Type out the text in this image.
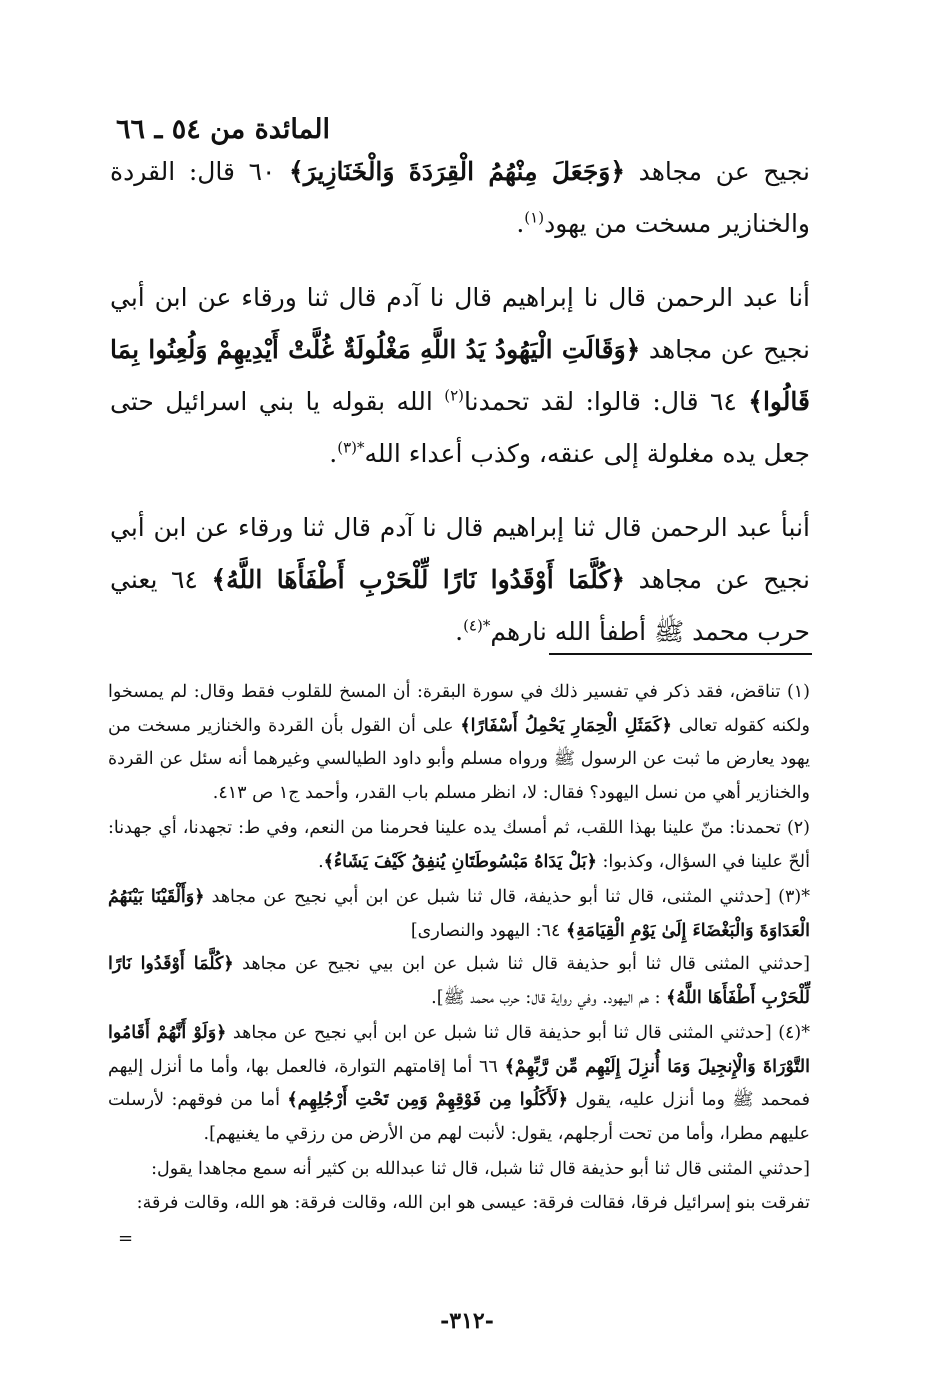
المائدة من ٥٤ ـ ٦٦

نجيح عن مجاهد ﴿وَجَعَلَ مِنْهُمُ الْقِرَدَةَ وَالْخَنَازِيرَ﴾ ٦٠ قال: القردة والخنازير مسخت من يهود$^{(١)}$.

أنا عبد الرحمن قال نا إبراهيم قال نا آدم قال ثنا ورقاء عن ابن أبي نجيح عن مجاهد ﴿وَقَالَتِ الْيَهُودُ يَدُ اللَّهِ مَغْلُولَةٌ غُلَّتْ أَيْدِيهِمْ وَلُعِنُوا بِمَا قَالُوا﴾ ٦٤ قال: قالوا: لقد تحمدنا$^{(٢)}$ الله بقوله يا بني اسرائيل حتى جعل يده مغلولة إلى عنقه، وكذب أعداء الله$^{*(٣)}$.

أنبأ عبد الرحمن قال ثنا إبراهيم قال نا آدم قال ثنا ورقاء عن ابن أبي نجيح عن مجاهد ﴿كُلَّمَا أَوْقَدُوا نَارًا لِّلْحَرْبِ أَطْفَأَهَا اللَّهُ﴾ ٦٤ يعني حرب محمد ﷺ أطفأ الله نارهم$^{*(٤)}$.

(١) تناقض، فقد ذكر في تفسير ذلك في سورة البقرة: أن المسخ للقلوب فقط وقال: لم يمسخوا ولكنه كقوله تعالى ﴿كَمَثَلِ الْحِمَارِ يَحْمِلُ أَسْفَارًا﴾ على أن القول بأن القردة والخنازير مسخت من يهود يعارض ما ثبت عن الرسول ﷺ ورواه مسلم وأبو داود الطيالسي وغيرهما أنه سئل عن القردة والخنازير أهي من نسل اليهود؟ فقال: لا، انظر مسلم باب القدر، وأحمد ج١ ص ٤١٣.

(٢) تحمدنا: منّ علينا بهذا اللقب، ثم أمسك يده علينا فحرمنا من النعم، وفي ط: تجهدنا، أي جهدنا: ألحّ علينا في السؤال، وكذبوا: ﴿بَلْ يَدَاهُ مَبْسُوطَتَانِ يُنفِقُ كَيْفَ يَشَاءُ﴾.

*(٣) [حدثني المثنى، قال ثنا أبو حذيفة، قال ثنا شبل عن ابن أبي نجيح عن مجاهد ﴿وَأَلْقَيْنَا بَيْنَهُمُ الْعَدَاوَةَ وَالْبَغْضَاءَ إِلَىٰ يَوْمِ الْقِيَامَةِ﴾ ٦٤: اليهود والنصارى]

[حدثني المثنى قال ثنا أبو حذيفة قال ثنا شبل عن ابن بيي نجيح عن مجاهد ﴿كُلَّمَا أَوْقَدُوا نَارًا لِّلْحَرْبِ أَطْفَأَهَا اللَّهُ﴾ : هم اليهود. وفي رواية قال: حرب محمد ﷺ].

*(٤) [حدثني المثنى قال ثنا أبو حذيفة قال ثنا شبل عن ابن أبي نجيح عن مجاهد ﴿وَلَوْ أَنَّهُمْ أَقَامُوا التَّوْرَاةَ وَالْإِنجِيلَ وَمَا أُنزِلَ إِلَيْهِم مِّن رَّبِّهِمْ﴾ ٦٦ أما إقامتهم التوارة، فالعمل بها، وأما ما أنزل إليهم فمحمد ﷺ وما أنزل عليه، يقول ﴿لَأَكَلُوا مِن فَوْقِهِمْ وَمِن تَحْتِ أَرْجُلِهِم﴾ أما من فوقهم: لأرسلت عليهم مطرا، وأما من تحت أرجلهم، يقول: لأنبت لهم من الأرض من رزقي ما يغنيهم].

[حدثني المثنى قال ثنا أبو حذيفة قال ثنا شبل، قال ثنا عبدالله بن كثير أنه سمع مجاهدا يقول:

تفرقت بنو إسرائيل فرقا، فقالت فرقة: عيسى هو ابن الله، وقالت فرقة: هو الله، وقالت فرقة:

=
-٣١٢-
